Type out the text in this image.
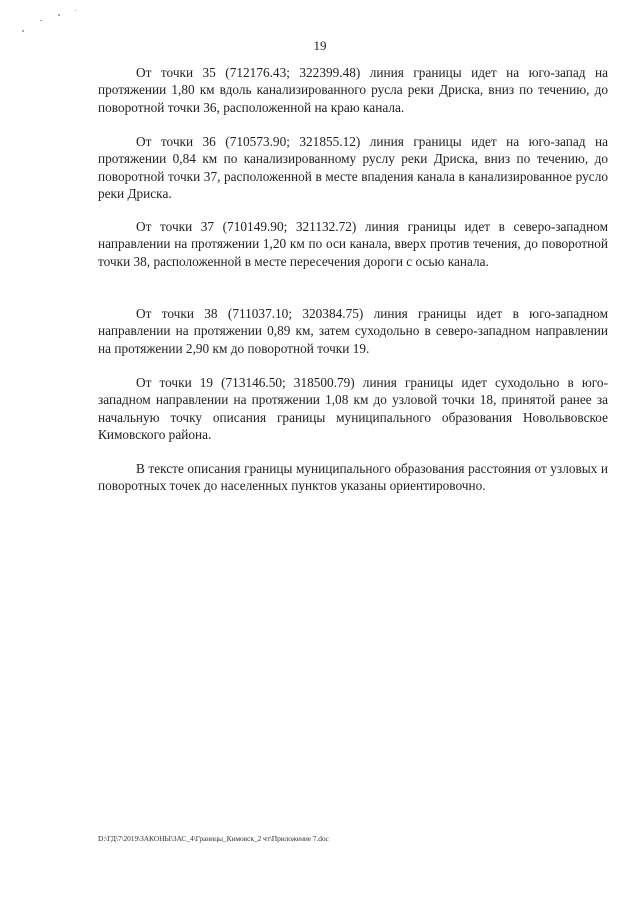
19

От точки 35 (712176.43; 322399.48) линия границы идет на юго-запад на протяжении 1,80 км вдоль канализированного русла реки Дриска, вниз по течению, до поворотной точки 36, расположенной на краю канала.

От точки 36 (710573.90; 321855.12) линия границы идет на юго-запад на протяжении 0,84 км по канализированному руслу реки Дриска, вниз по течению, до поворотной точки 37, расположенной в месте впадения канала в канализированное русло реки Дриска.

От точки 37 (710149.90; 321132.72) линия границы идет в северо-западном направлении на протяжении 1,20 км по оси канала, вверх против течения, до поворотной точки 38, расположенной в месте пересечения дороги с осью канала.

От точки 38 (711037.10; 320384.75) линия границы идет в юго-западном направлении на протяжении 0,89 км, затем суходольно в северо-западном направлении на протяжении 2,90 км до поворотной точки 19.

От точки 19 (713146.50; 318500.79) линия границы идет суходольно в юго-западном направлении на протяжении 1,08 км до узловой точки 18, принятой ранее за начальную точку описания границы муниципального образования Новольвовское Кимовского района.

В тексте описания границы муниципального образования расстояния от узловых и поворотных точек до населенных пунктов указаны ориентировочно.

D:\ГД\7\2019\ЗАКОНЫ\ЗАС_4\Границы_Кимовск_2 чт\Приложение 7.doc
